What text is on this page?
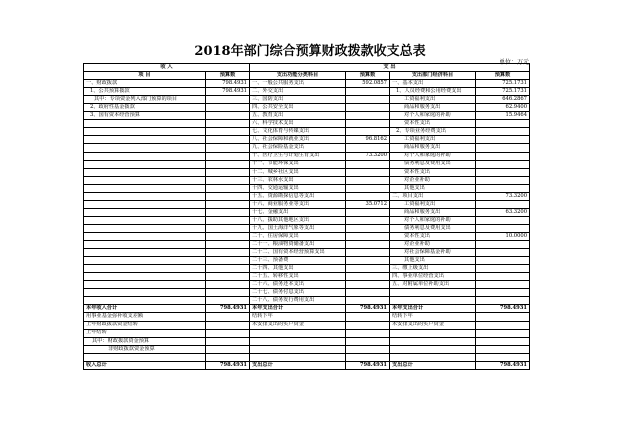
2018年部门综合预算财政拨款收支总表
单位：万元
收 入		支 出			
项 目	预算数	支出功能分类科目	预算数	支出部门经济科目	预算数
一、财政拨款	798.4931	一、一般公共服务支出	592.0857	一、基本支出	725.1731
1、公共预算拨款	798.4931	二、外交支出		1、人员经费和公用经费支出	725.1731
其中：专项资金列入部门预算的项目		三、国防支出		工资福利支出	646.2867
2、政府性基金拨款		四、公共安全支出		商品和服务支出	62.9400
3、国有资本经营预算		五、教育支出		对个人和家庭的补助	15.9464
		六、科学技术支出		资本性支出	
		七、文化体育与传媒支出		2、专项业务经费支出	
		八、社会保障和就业支出	96.8162	工资福利支出	
		九、社会保险基金支出		商品和服务支出	
		十、医疗卫生与计划生育支出	73.3200	对个人和家庭的补助	
		十一、节能环保支出		债务利息及费用支出	
		十二、城乡社区支出		资本性支出	
		十三、农林水支出		对企业补助	
		十四、交通运输支出		其他支出	
		十五、资源勘探信息等支出		二、项目支出	73.3200
		十六、商业服务业等支出	35.0712	工资福利支出	
		十七、金融支出		商品和服务支出	63.3200
		十八、援助其他地区支出		对个人和家庭的补助	
		十九、国土海洋气象等支出		债务利息及费用支出	
		二十、住房保障支出		资本性支出	10.0000
		二十一、粮油物资储备支出		对企业补助	
		二十二、国有资本经营预算支出		对社会保障基金补助	
		二十三、预备费		其他支出	
		二十四、其他支出		三、缴上级支出	
		二十五、转移性支出		四、事业单位经营支出	
		二十六、债务还本支出		五、对附属单位补助支出	
		二十七、债务付息支出			
		二十八、债务发行费用支出			
本年收入合计	798.4931	本年支出合计	798.4931	本年支出合计	798.4931
用事业基金弥补收支差额		结转下年		结转下年	
上年财政拨款资金结转		未安排支出的实户资金		未安排支出的实户资金	
上年结转					
其中：财政拨款资金预算					
非财政拨款资金预算					

收入总计	798.4931	支出总计	798.4931	支出总计	798.4931
